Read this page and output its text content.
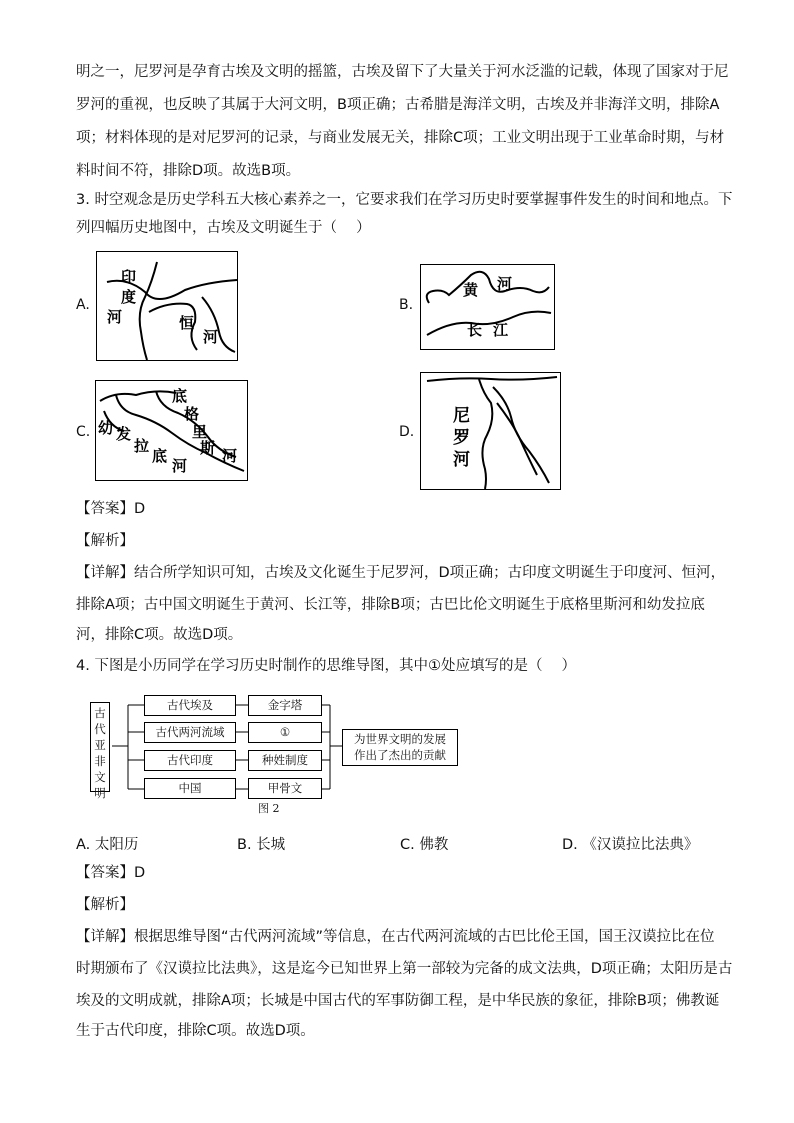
明之一，尼罗河是孕育古埃及文明的摇篮，古埃及留下了大量关于河水泛滥的记载，体现了国家对于尼
罗河的重视，也反映了其属于大河文明，B项正确；古希腊是海洋文明，古埃及并非海洋文明，排除A
项；材料体现的是对尼罗河的记录，与商业发展无关，排除C项；工业文明出现于工业革命时期，与材
料时间不符，排除D项。故选B项。
3. 时空观念是历史学科五大核心素养之一，它要求我们在学习历史时要掌握事件发生的时间和地点。下
列四幅历史地图中，古埃及文明诞生于（　 ）
A.
印
度
河	恒
河
B.
黄 河
长 江
C.
底
格
里
斯 河
幼 发
拉
底
河
D.
尼
罗
河
【答案】D
【解析】
【详解】结合所学知识可知，古埃及文化诞生于尼罗河，D项正确；古印度文明诞生于印度河、恒河，
排除A项；古中国文明诞生于黄河、长江等，排除B项；古巴比伦文明诞生于底格里斯河和幼发拉底
河，排除C项。故选D项。
4. 下图是小历同学在学习历史时制作的思维导图，其中①处应填写的是（　 ）
古代亚非文明
古代埃及
古代两河流域
古代印度
中国
金字塔
①
种姓制度
甲骨文
为世界文明的发展
作出了杰出的贡献
图 2
A. 太阳历	B. 长城	C. 佛教	D. 《汉谟拉比法典》
【答案】D
【解析】
【详解】根据思维导图“古代两河流域”等信息，在古代两河流域的古巴比伦王国，国王汉谟拉比在位
时期颁布了《汉谟拉比法典》，这是迄今已知世界上第一部较为完备的成文法典，D项正确；太阳历是古
埃及的文明成就，排除A项；长城是中国古代的军事防御工程，是中华民族的象征，排除B项；佛教诞
生于古代印度，排除C项。故选D项。
